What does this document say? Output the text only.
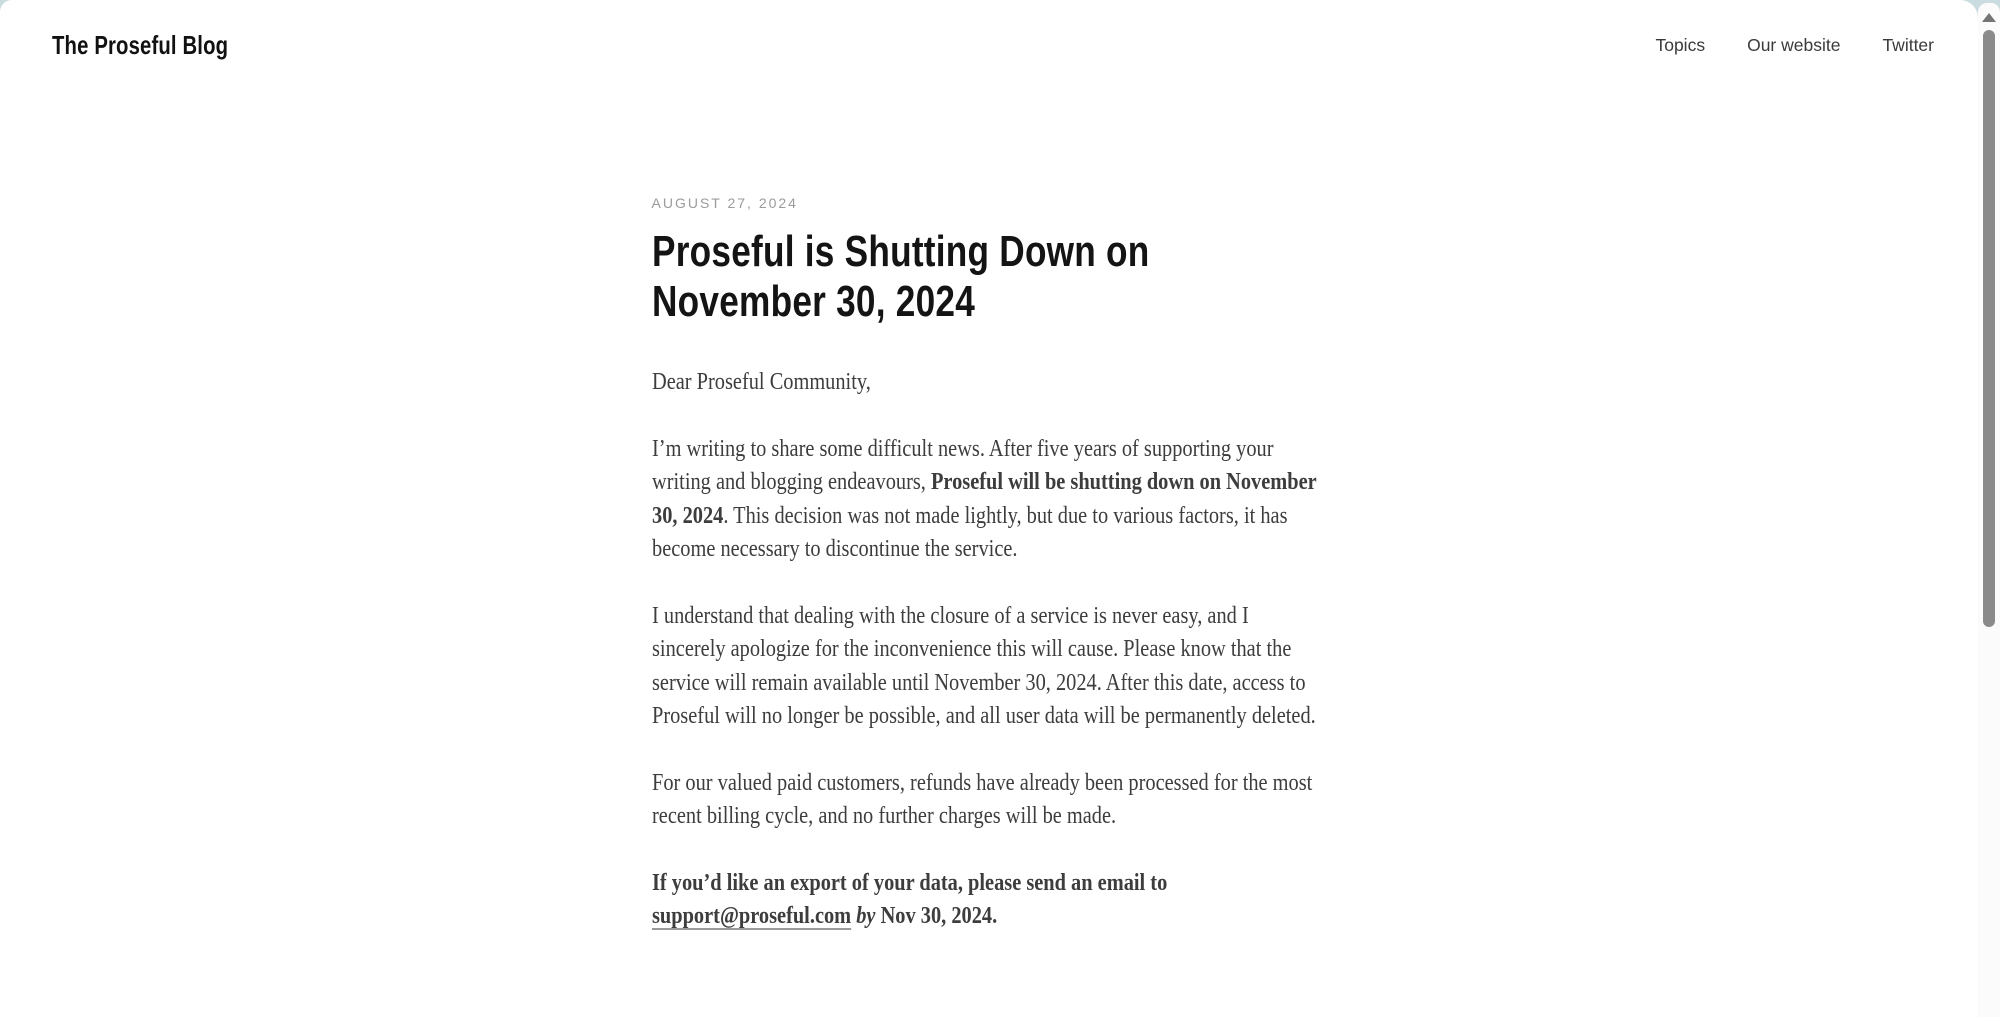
The Proseful Blog	Topics Our website Twitter
AUGUST 27, 2024
Proseful is Shutting Down on
November 30, 2024

Dear Proseful Community,

I’m writing to share some difficult news. After five years of supporting your writing and blogging endeavours, Proseful will be shutting down on November 30, 2024. This decision was not made lightly, but due to various factors, it has become necessary to discontinue the service.

I understand that dealing with the closure of a service is never easy, and I sincerely apologize for the inconvenience this will cause. Please know that the service will remain available until November 30, 2024. After this date, access to Proseful will no longer be possible, and all user data will be permanently deleted.

For our valued paid customers, refunds have already been processed for the most recent billing cycle, and no further charges will be made.

If you’d like an export of your data, please send an email to support@proseful.com by Nov 30, 2024.
